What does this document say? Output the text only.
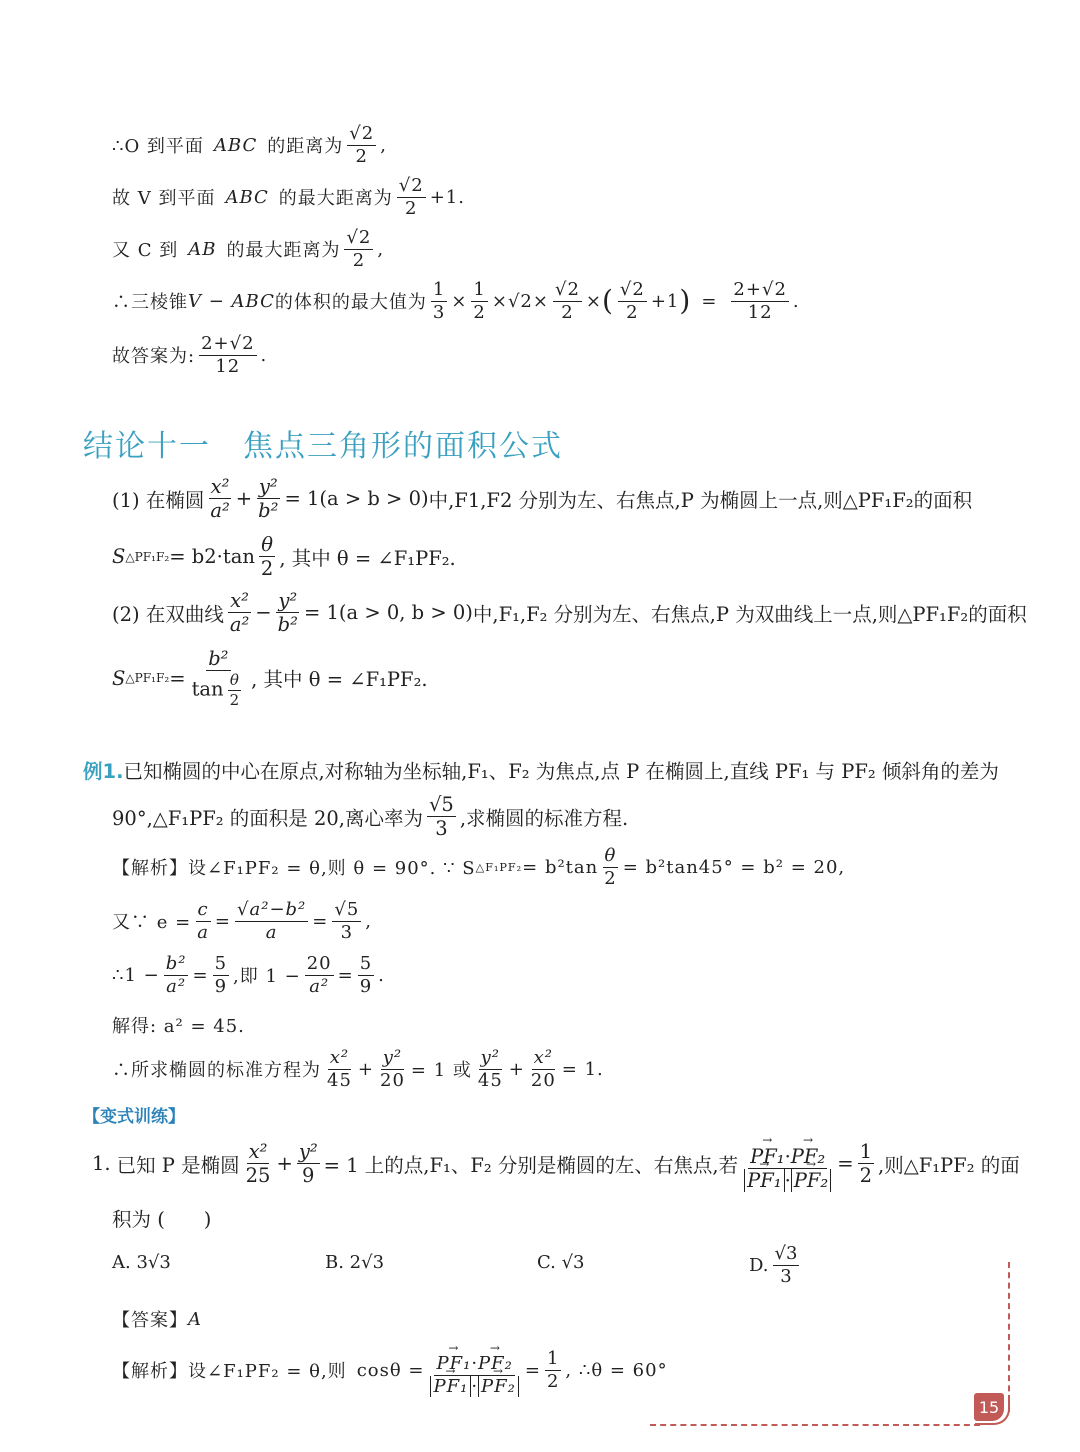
∴O 到平面 ABC 的距离为 $\frac{√2}{2}$ ,
故 V 到平面 ABC 的最大距离为 $\frac{√2}{2} +1$.
又 C 到 AB 的最大距离为 $\frac{√2}{2}$ ,
∴三棱锥 V − ABC 的体积的最大值为 $\frac{1}{3} \times \frac{1}{2} \times √2 \times \frac{√2}{2}$ × ( $\frac{√2}{2} +1$ ) = $\frac{2+√2}{12}$ .
故答案为: $\frac{2+√2}{12}$ .
结论十一　焦点三角形的面积公式
(1) 在椭圆 $\frac{\text{x²}}{\text{a²}} + \frac{\text{y²}}{\text{b²}} = 1(a > b > 0)$ 中,F1,F2 分别为左、右焦点,P 为椭圆上一点,则△PF₁F₂的面积
S △PF₁F₂ = $b2\cdot\tan \frac{\theta}{2}$ , 其中 θ = ∠F₁PF₂.
(2) 在双曲线 $\frac{\text{x²}}{\text{a²}} - \frac{\text{y²}}{\text{b²}} = 1(a > 0$, b > 0) 中,F₁,F₂ 分别为左、右焦点,P 为双曲线上一点,则△PF₁F₂的面积
S △PF₁F₂ = $\frac{\text{b²}}{\tan \frac{\theta}{2}}$ , 其中 θ = ∠F₁PF₂.
例1. 已知椭圆的中心在原点,对称轴为坐标轴,F₁、F₂ 为焦点,点 P 在椭圆上,直线 PF₁ 与 PF₂ 倾斜角的差为
90°,△F₁PF₂ 的面积是 20,离心率为 $\frac{√5}{3}$ ,求椭圆的标准方程.
【解析】 设∠F₁PF₂ = θ,则 θ = 90°. ∵ S △F₁PF₂ = $b^2\tan \frac{\theta}{2} = b^2\tan 45^\circ = b^2 = 20$,
又∵ $e = \frac{c}{a} = \frac{\text{√a²−b²}}{a} = \frac{√5}{3}$ ,
∴1 − $\frac{\text{b²}}{\text{a²}} = \frac{5}{9}$ ,即 $1 - \frac{20}{\text{a²}} = \frac{5}{9}$ .
解得: a² = 45.
∴所求椭圆的标准方程为 $\frac{\text{x²}}{45} + \frac{\text{y²}}{20} = 1$ 或 $\frac{\text{y²}}{45} + \frac{\text{x²}}{20} = 1$.
【变式训练】
1. 已知 P 是椭圆 $\frac{\text{x²}}{25} + \frac{\text{y²}}{9} = 1$ 上的点,F₁、F₂ 分别是椭圆的左、右焦点,若
→ PF₁·→ PF₂
→ $PF_1 \cdot\to PF_2 = \frac{1}{2}$ ,则△F₁PF₂ 的面
积为 (　　)
A. 3√3	B. 2√3	C. √3	D. $\frac{√3}{3}$
【答案】 A
【解析】 设∠F₁PF₂ = θ,则 cosθ =
→ PF₁·→ PF₂
→ $PF_1 \cdot\to PF_2 = \frac{1}{2}$ , ∴θ = 60°
15
